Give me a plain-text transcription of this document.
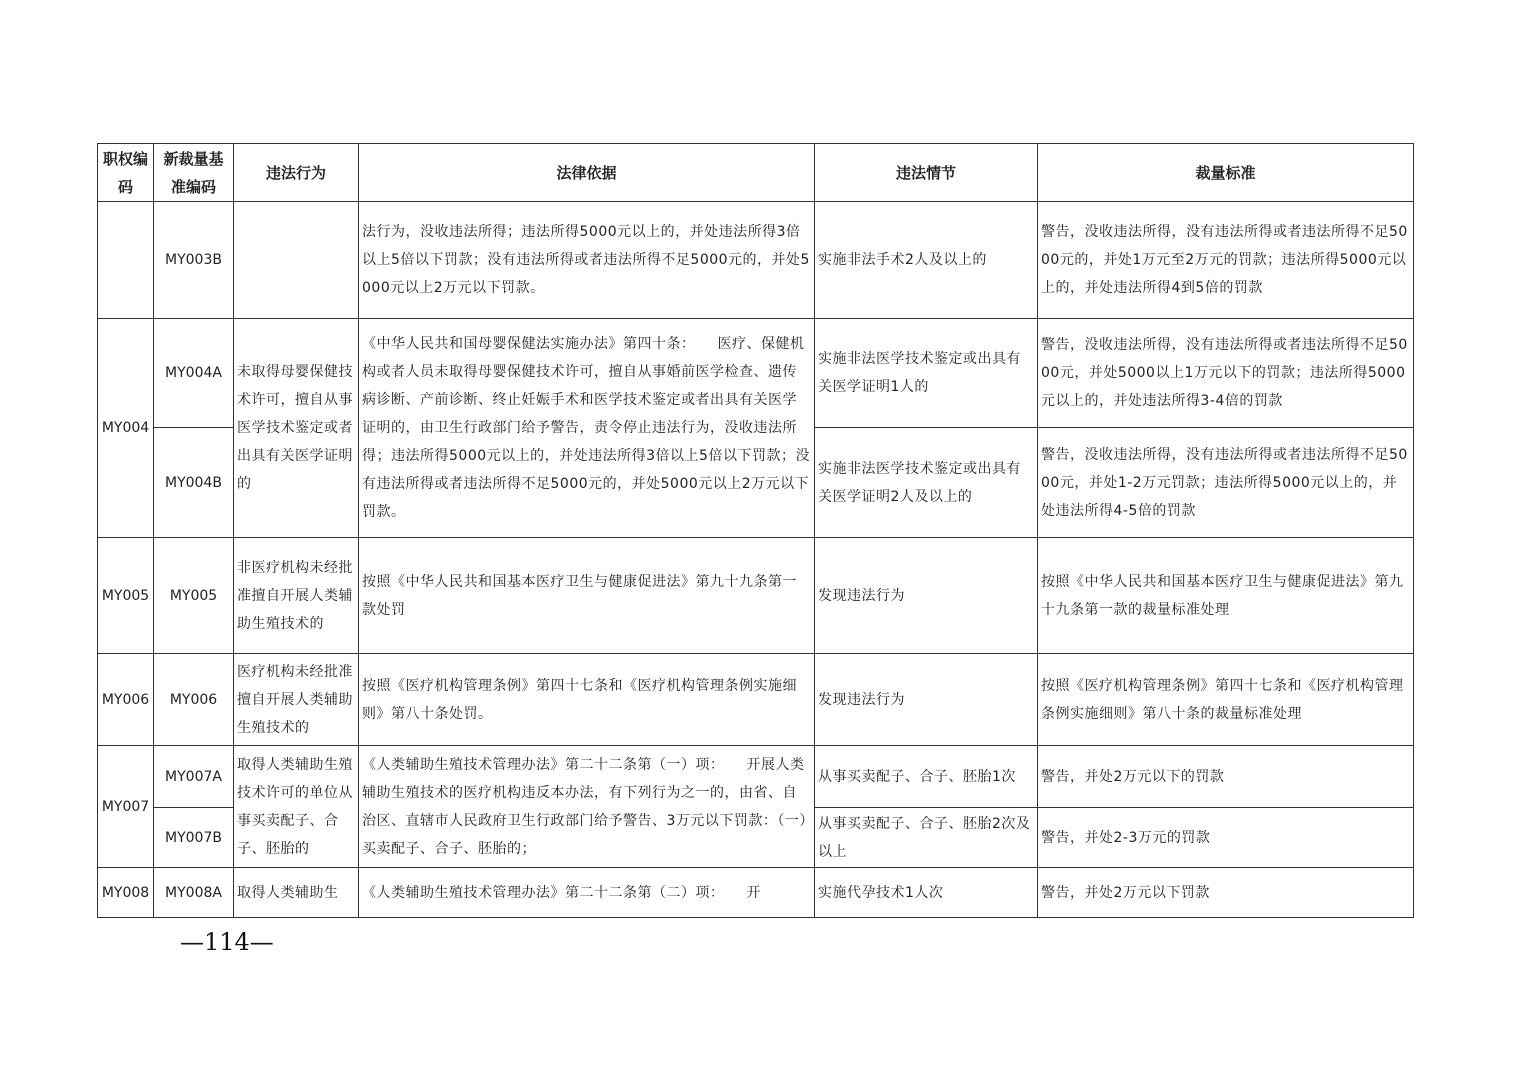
职权编码	新裁量基准编码	违法行为	法律依据	违法情节	裁量标准
	MY003B		法行为，没收违法所得；违法所得5000元以上的，并处违法所得3倍以上5倍以下罚款；没有违法所得或者违法所得不足5000元的，并处5000元以上2万元以下罚款。	实施非法手术2人及以上的	警告，没收违法所得，没有违法所得或者违法所得不足5000元的，并处1万元至2万元的罚款；违法所得5000元以上的，并处违法所得4到5倍的罚款
MY004	MY004A	未取得母婴保健技术许可，擅自从事医学技术鉴定或者出具有关医学证明的	《中华人民共和国母婴保健法实施办法》第四十条：　　医疗、保健机构或者人员未取得母婴保健技术许可，擅自从事婚前医学检查、遗传病诊断、产前诊断、终止妊娠手术和医学技术鉴定或者出具有关医学证明的，由卫生行政部门给予警告，责令停止违法行为，没收违法所得；违法所得5000元以上的，并处违法所得3倍以上5倍以下罚款；没有违法所得或者违法所得不足5000元的，并处5000元以上2万元以下罚款。	实施非法医学技术鉴定或出具有关医学证明1人的	警告，没收违法所得，没有违法所得或者违法所得不足5000元，并处5000以上1万元以下的罚款；违法所得5000元以上的，并处违法所得3-4倍的罚款
	MY004B			实施非法医学技术鉴定或出具有关医学证明2人及以上的	警告，没收违法所得，没有违法所得或者违法所得不足5000元，并处1-2万元罚款；违法所得5000元以上的，并处违法所得4-5倍的罚款
MY005	MY005	非医疗机构未经批准擅自开展人类辅助生殖技术的	按照《中华人民共和国基本医疗卫生与健康促进法》第九十九条第一款处罚	发现违法行为	按照《中华人民共和国基本医疗卫生与健康促进法》第九十九条第一款的裁量标准处理
MY006	MY006	医疗机构未经批准擅自开展人类辅助生殖技术的	按照《医疗机构管理条例》第四十七条和《医疗机构管理条例实施细则》第八十条处罚。	发现违法行为	按照《医疗机构管理条例》第四十七条和《医疗机构管理条例实施细则》第八十条的裁量标准处理
MY007	MY007A	取得人类辅助生殖技术许可的单位从事买卖配子、合子、胚胎的	《人类辅助生殖技术管理办法》第二十二条第（一）项：　　开展人类辅助生殖技术的医疗机构违反本办法，有下列行为之一的，由省、自治区、直辖市人民政府卫生行政部门给予警告、3万元以下罚款：（一）买卖配子、合子、胚胎的；	从事买卖配子、合子、胚胎1次	警告，并处2万元以下的罚款
	MY007B			从事买卖配子、合子、胚胎2次及以上	警告，并处2-3万元的罚款
MY008	MY008A	取得人类辅助生	《人类辅助生殖技术管理办法》第二十二条第（二）项：　　开	实施代孕技术1人次	警告，并处2万元以下罚款
—114—
